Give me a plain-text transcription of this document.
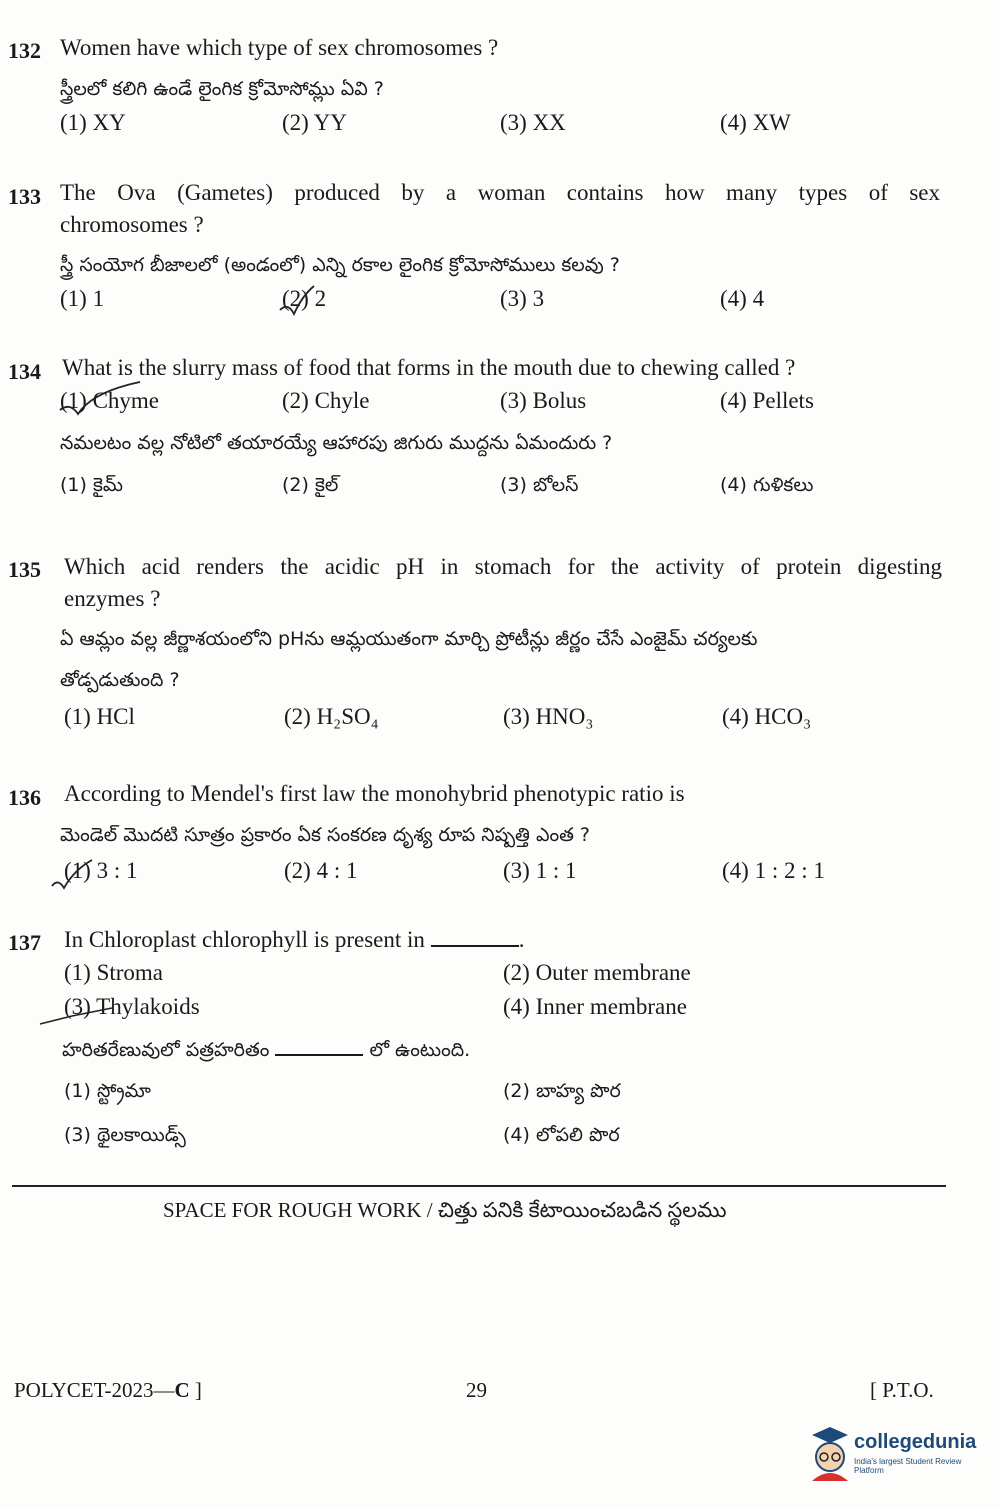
132 Women have which type of sex chromosomes ?
స్త్రీలలో కలిగి ఉండే లైంగిక క్రోమోసోమ్లు ఏవి ?
(1) XY	(2) YY	(3) XX	(4) XW
133 The Ova (Gametes) produced by a woman contains how many types of sex
chromosomes ?
స్త్రీ సంయోగ బీజాలలో (అండంలో) ఎన్ని రకాల లైంగిక క్రోమోసోములు కలవు ?
(1) 1	(2) 2	(3) 3	(4) 4
134 What is the slurry mass of food that forms in the mouth due to chewing called ?
(1) Chyme	(2) Chyle	(3) Bolus	(4) Pellets
నమలటం వల్ల నోటిలో తయారయ్యే ఆహారపు జిగురు ముద్దను ఏమందురు ?
(1) కైమ్	(2) కైల్	(3) బోలస్	(4) గుళికలు
135 Which acid renders the acidic pH in stomach for the activity of protein digesting
enzymes ?
ఏ ఆమ్లం వల్ల జీర్ణాశయంలోని pHను ఆమ్లయుతంగా మార్చి ప్రోటీన్లు జీర్ణం చేసే ఎంజైమ్ చర్యలకు
తోడ్పడుతుంది ?
(1) HCl	(2) H₂SO₄	(3) HNO₃	(4) HCO₃
136 According to Mendel's first law the monohybrid phenotypic ratio is
మెండెల్ మొదటి సూత్రం ప్రకారం ఏక సంకరణ దృశ్య రూప నిష్పత్తి ఎంత ?
(1) 3 : 1	(2) 4 : 1	(3) 1 : 1	(4) 1 : 2 : 1
137 In Chloroplast chlorophyll is present in	.
(1) Stroma	(2) Outer membrane
(3) Thylakoids	(4) Inner membrane
హరితరేణువులో పత్రహరితం	లో ఉంటుంది.
(1) స్ట్రోమా	(2) బాహ్య పొర
(3) థైలకాయిడ్స్	(4) లోపలి పొర
SPACE FOR ROUGH WORK / చిత్తు పనికి కేటాయించబడిన స్థలము
POLYCET-2023—C ]	29	[ P.T.O.
collegedunia
India's largest Student Review Platform
